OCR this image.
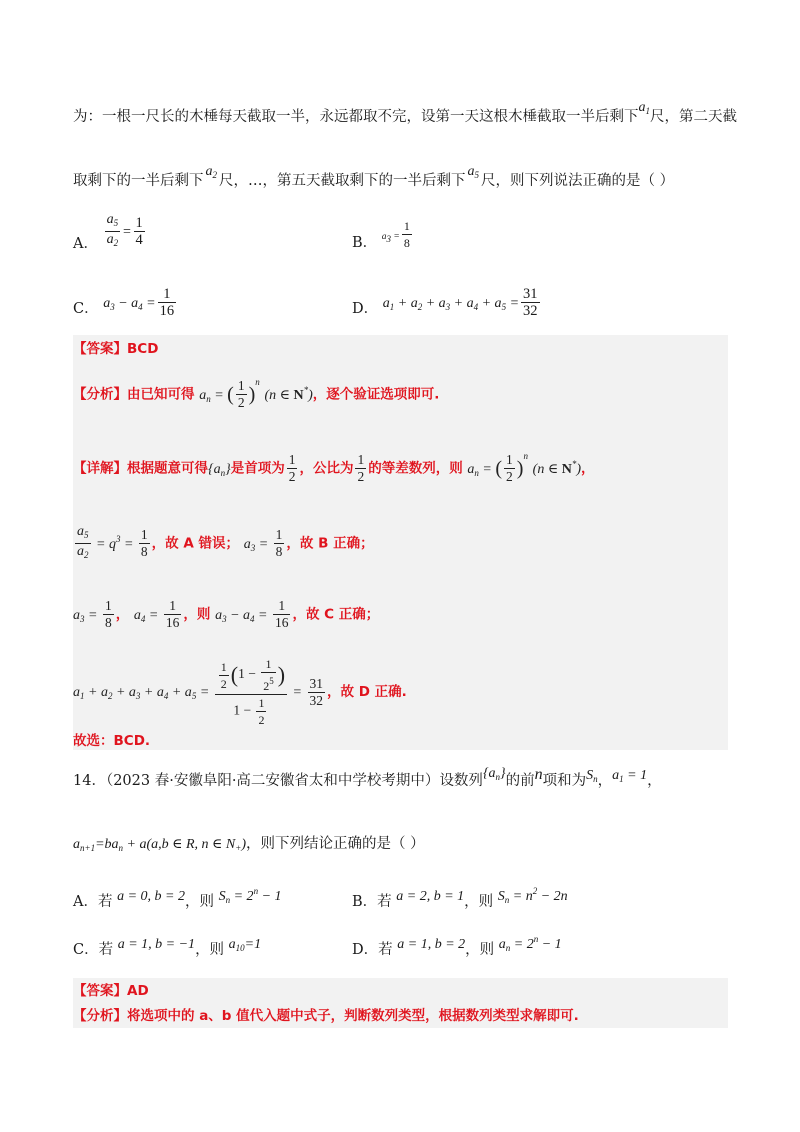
为：一根一尺长的木棰每天截取一半，永远都取不完，设第一天这根木棰截取一半后剩下$a_1$尺，第二天截
取剩下的一半后剩下$a_2$ 尺，…，第五天截取剩下的一半后剩下$a_5$ 尺，则下列说法正确的是（ ）
A． $\frac{a_5}{a_2} = \frac{1}{4}$	B． $a3 = \frac{1}{8}$
C． $a_3 - a_4 = \frac{1}{16}$	D． $a_1 + a_2 + a_3 + a_4 + a_5 = \frac{31}{32}$
【答案】BCD
【分析】由已知可得 $a_n$ = ( $\frac{1}{2} )^n$ (n ∈ N*)，逐个验证选项即可.
【详解】根据题意可得$\{a_n\}$是首项为 $\frac{1}{2}$ ，公比为 $\frac{1}{2}$ 的等差数列，则 $a_n$ = ( $\frac{1}{2} )^n$ (n ∈ N*)，
$\frac{a_5}{a_2} = q^3 = \frac{1}{8}$ ，故 A 错误； $a_3 = \frac{1}{8}$ ，故 B 正确；
$a_3 = \frac{1}{8}$ ， $a_4 = \frac{1}{16}$ ，则 $a_3 - a_4 = \frac{1}{16}$ ，故 C 正确；
$a_1 + a_2 + a_3 + a_4 + a_5 = \frac{\frac{1}{2} (1 - \frac{1}{2^5} )}{1 - \frac{1}{2}} = \frac{31}{32}$ ，故 D 正确.
故选：BCD.
14．（2023 春·安徽阜阳·高二安徽省太和中学校考期中）设数列$\{a_n\}$的前n项和为$S_n$，$a_1 = 1$，
$a_{n+1}=ba_n + a(a,b$ ∈ R, n ∈ $N_+$)，则下列结论正确的是（ ）
A．若 a = 0, b = 2，则 $S_n = 2^n - 1$	B．若 a = 2, b = 1，则 $S_n = n^2 - 2n$
C．若 a = 1, b = −1，则 $a_{10}=1$	D．若 a = 1, b = 2，则 $a_n = 2^n - 1$
【答案】AD
【分析】将选项中的 a、b 值代入题中式子，判断数列类型，根据数列类型求解即可.
